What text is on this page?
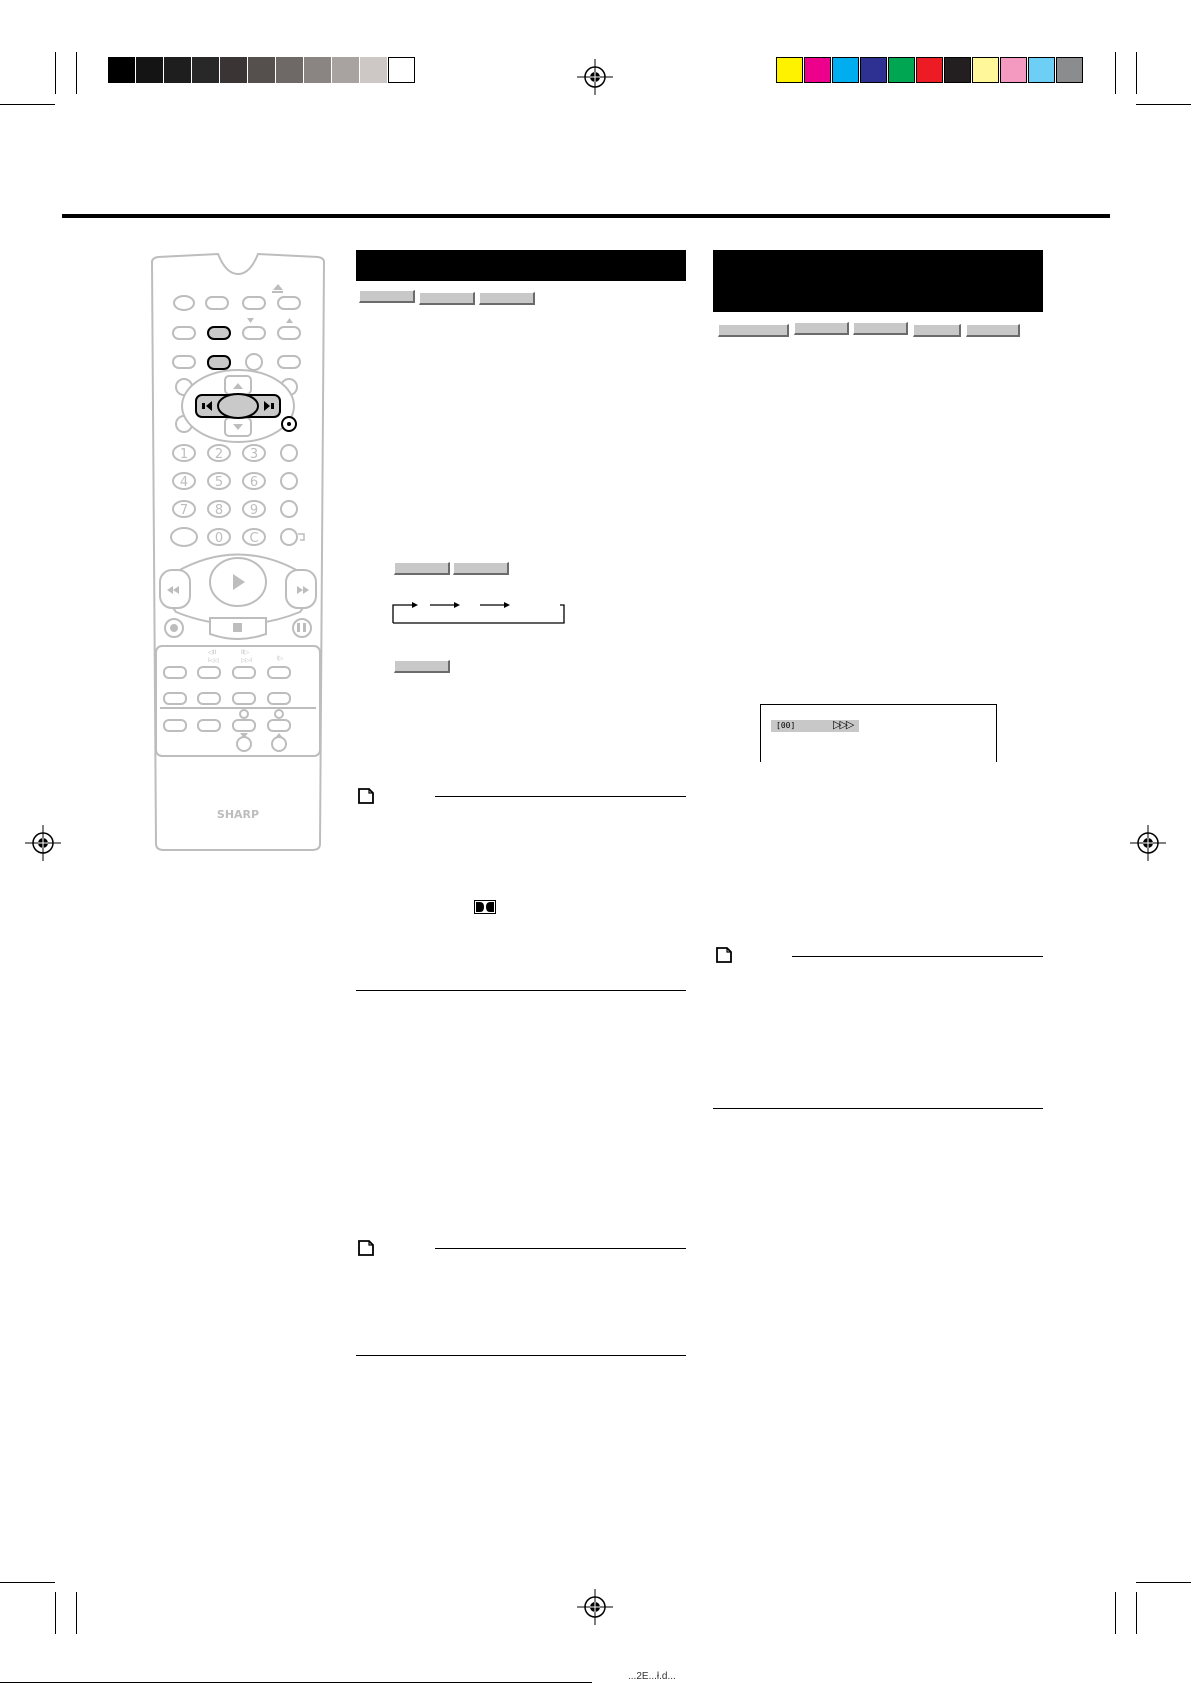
1 2 3
4 5 6
7 8 9
0 C
◁II
I◁◁
II▷
▷▷I	I▷
SHARP
[00]	▷▷▷
...2E...ł.d...
